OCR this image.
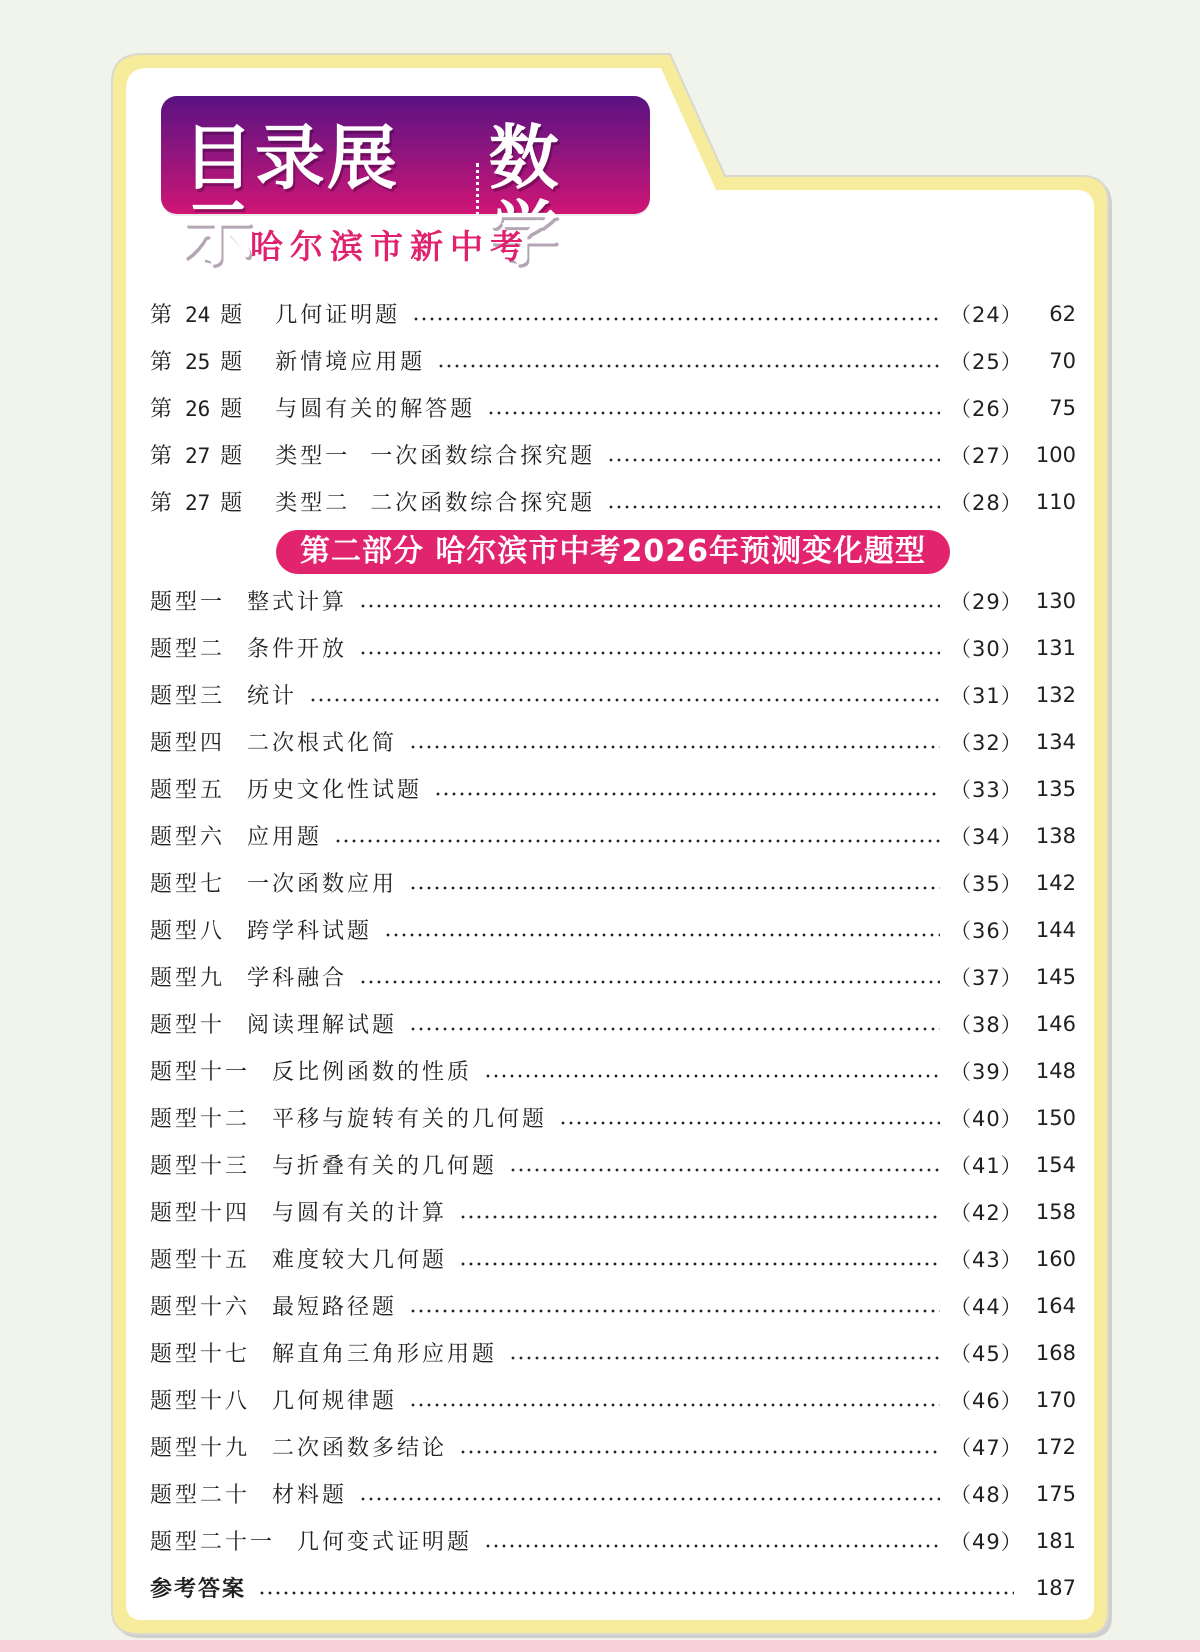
目录展示
数学
哈尔滨市新中考
第 24 题   几何证明题	（24）	62
第 25 题   新情境应用题	（25）	70
第 26 题   与圆有关的解答题	（26）	75
第 27 题   类型一  一次函数综合探究题	（27） 100
第 27 题   类型二  二次函数综合探究题	（28） 110
第二部分 哈尔滨市中考2026年预测变化题型
题型一 整式计算	（29） 130
题型二 条件开放	（30） 131
题型三 统计	（31） 132
题型四 二次根式化简	（32） 134
题型五 历史文化性试题	（33） 135
题型六 应用题	（34） 138
题型七 一次函数应用	（35） 142
题型八 跨学科试题	（36） 144
题型九 学科融合	（37） 145
题型十 阅读理解试题	（38） 146
题型十一 反比例函数的性质	（39） 148
题型十二 平移与旋转有关的几何题	（40） 150
题型十三 与折叠有关的几何题	（41） 154
题型十四 与圆有关的计算	（42） 158
题型十五 难度较大几何题	（43） 160
题型十六 最短路径题	（44） 164
题型十七 解直角三角形应用题	（45） 168
题型十八 几何规律题	（46） 170
题型十九 二次函数多结论	（47） 172
题型二十 材料题	（48） 175
题型二十一 几何变式证明题	（49） 181
参考答案	187
